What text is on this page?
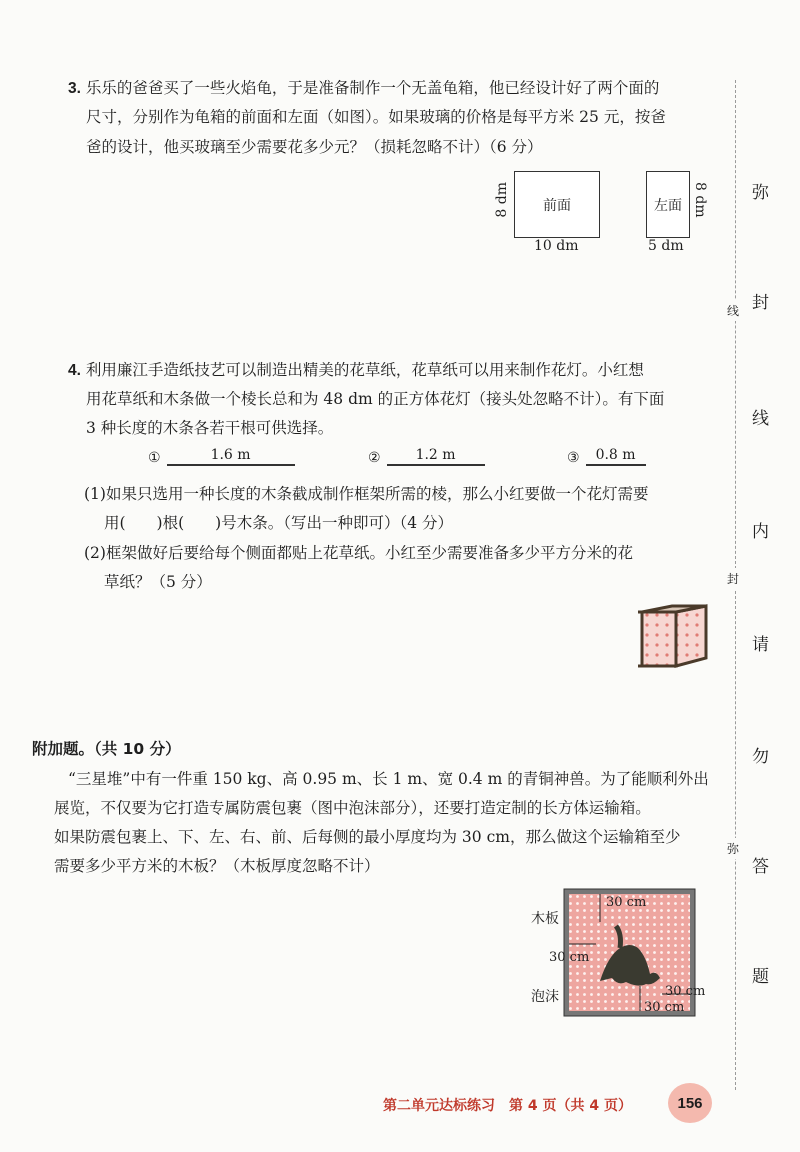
3. 乐乐的爸爸买了一些火焰龟，于是准备制作一个无盖龟箱，他已经设计好了两个面的
尺寸，分别作为龟箱的前面和左面（如图）。如果玻璃的价格是每平方米 25 元，按爸
爸的设计，他买玻璃至少需要花多少元？（损耗忽略不计）（6 分）
前面
8 dm
10 dm
左面 8 dm
5 dm
4. 利用廉江手造纸技艺可以制造出精美的花草纸，花草纸可以用来制作花灯。小红想
用花草纸和木条做一个棱长总和为 48 dm 的正方体花灯（接头处忽略不计）。有下面
3 种长度的木条各若干根可供选择。
①	1.6 m	②	1.2 m	③	0.8 m
(1)如果只选用一种长度的木条截成制作框架所需的棱，那么小红要做一个花灯需要
用(　　)根(　　)号木条。（写出一种即可）（4 分）
(2)框架做好后要给每个侧面都贴上花草纸。小红至少需要准备多少平方分米的花
草纸？（5 分）
附加题。（共 10 分）
“三星堆”中有一件重 150 kg、高 0.95 m、长 1 m、宽 0.4 m 的青铜神兽。为了能顺利外出
展览，不仅要为它打造专属防震包裹（图中泡沫部分），还要打造定制的长方体运输箱。
如果防震包裹上、下、左、右、前、后每侧的最小厚度均为 30 cm，那么做这个运输箱至少
需要多少平方米的木板？（木板厚度忽略不计）
30 cm
30 cm
30 cm
30 cm
木板
泡沫
线
封
弥
弥
封
线
内
请
勿
答
题
第二单元达标练习　第 4 页（共 4 页）	156
